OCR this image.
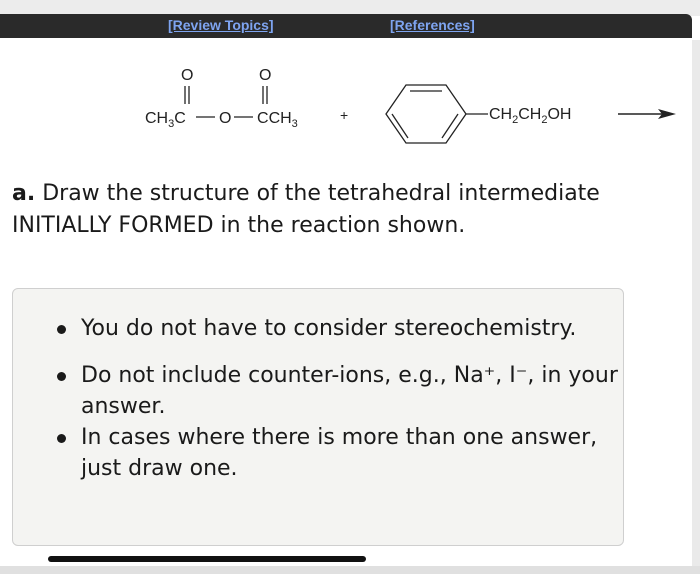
[Review Topics]	[References]
$CH_3C$
O
O
O
$CCH_3$
+	$CH_2CH_2OH$
a. Draw the structure of the tetrahedral intermediate INITIALLY FORMED in the reaction shown.
You do not have to consider stereochemistry.
Do not include counter-ions, e.g., Na⁺, I⁻, in your answer.
In cases where there is more than one answer, just draw one.
